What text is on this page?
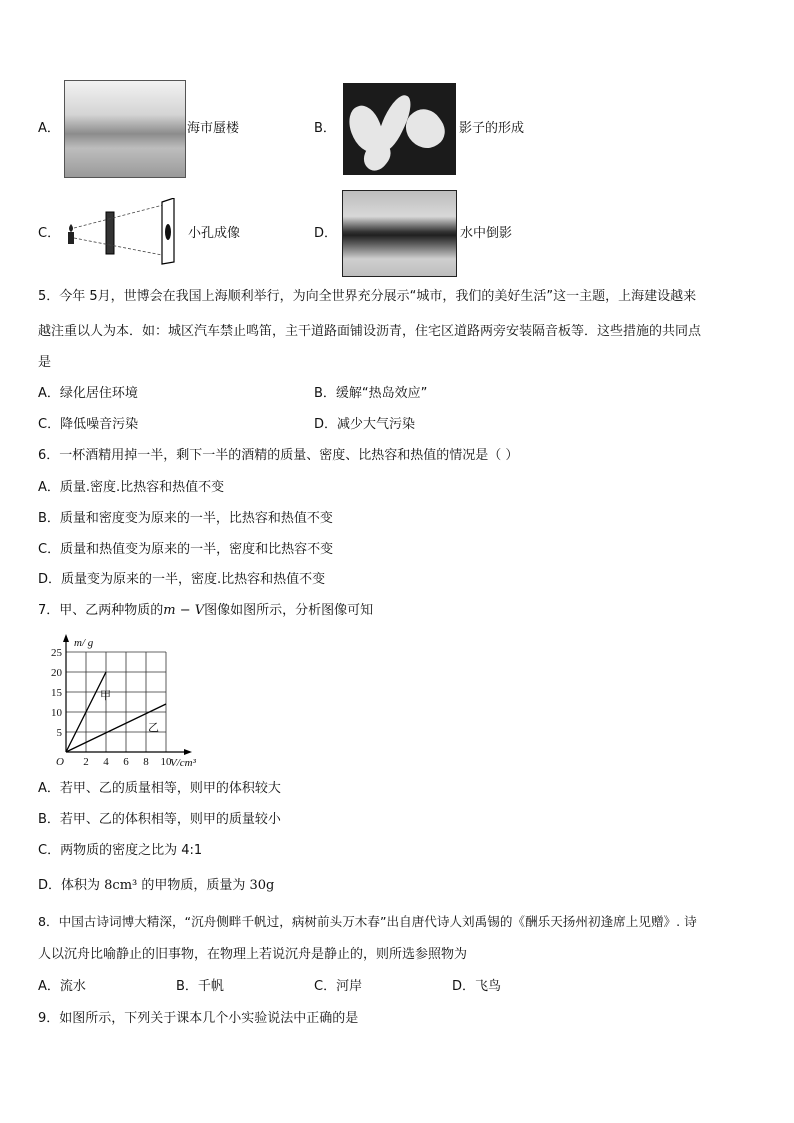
A．	海市蜃楼	B．	影子的形成
C．	小孔成像	D．	水中倒影
5．今年 5月，世博会在我国上海顺利举行，为向全世界充分展示“城市，我们的美好生活”这一主题，上海建设越来
越注重以人为本．如：城区汽车禁止鸣笛，主干道路面铺设沥青，住宅区道路两旁安装隔音板等．这些措施的共同点
是
A．绿化居住环境	B．缓解“热岛效应”
C．降低噪音污染	D．减少大气污染
6．一杯酒精用掉一半，剩下一半的酒精的质量、密度、比热容和热值的情况是（ ）
A．质量.密度.比热容和热值不变
B．质量和密度变为原来的一半，比热容和热值不变
C．质量和热值变为原来的一半，密度和比热容不变
D．质量变为原来的一半，密度.比热容和热值不变
7．甲、乙两种物质的m − V图像如图所示，分析图像可知
2 4 6 8 10
5
10
15
20
25
O	V/cm³
m/ g
甲
乙
A．若甲、乙的质量相等，则甲的体积较大
B．若甲、乙的体积相等，则甲的质量较小
C．两物质的密度之比为 4:1
D．体积为 8cm³ 的甲物质，质量为 30g
8．中国古诗词博大精深，“沉舟侧畔千帆过，病树前头万木春”出自唐代诗人刘禹锡的《酬乐天扬州初逢席上见赠》. 诗
人以沉舟比喻静止的旧事物，在物理上若说沉舟是静止的，则所选参照物为
A．流水	B．千帆	C．河岸	D．飞鸟
9．如图所示，下列关于课本几个小实验说法中正确的是
